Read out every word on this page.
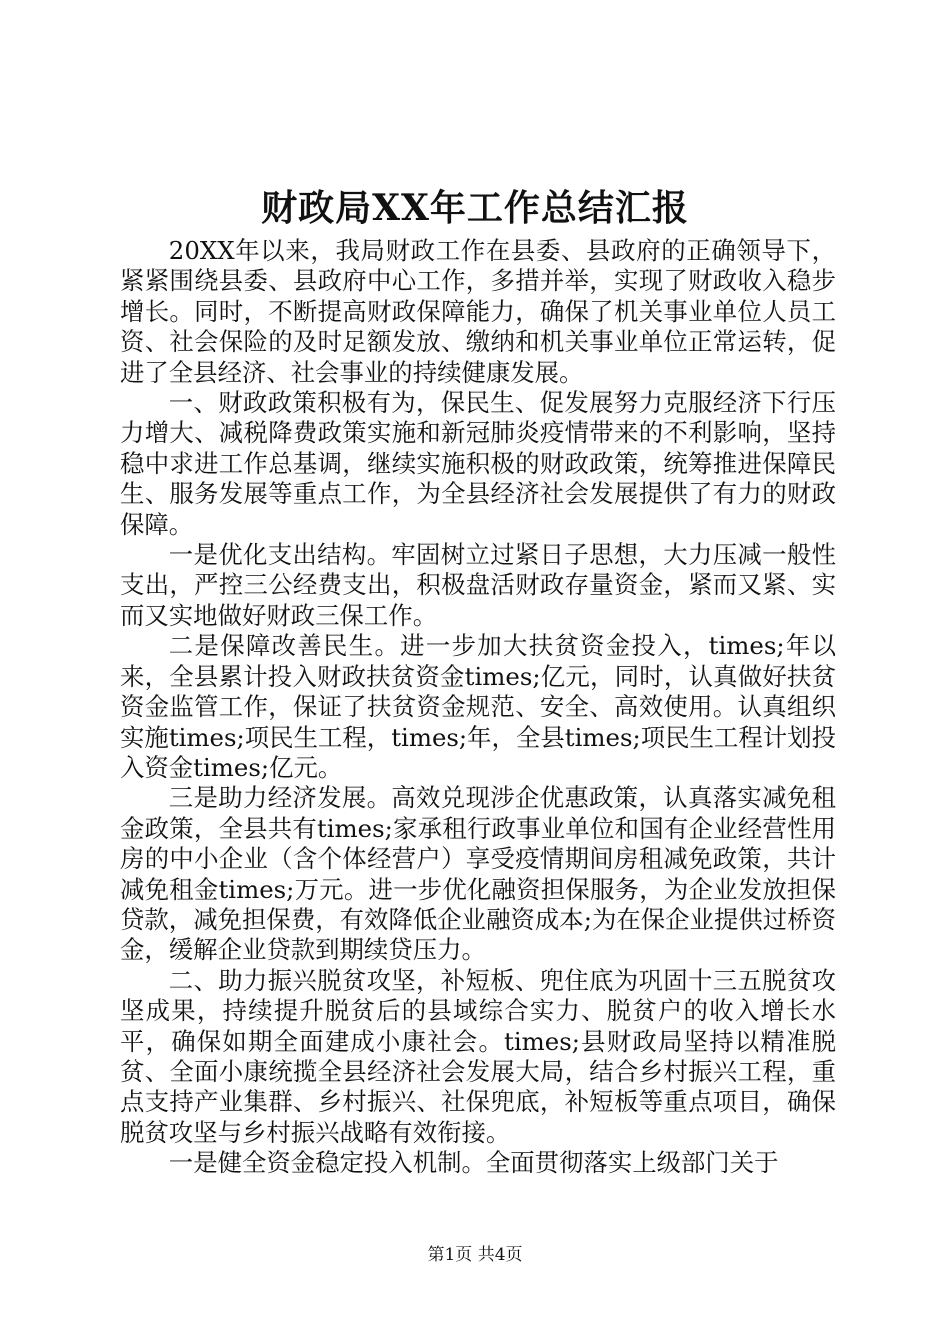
财政局XX年工作总结汇报

20XX年以来，我局财政工作在县委、县政府的正确领导下，紧紧围绕县委、县政府中心工作，多措并举，实现了财政收入稳步增长。同时，不断提高财政保障能力，确保了机关事业单位人员工资、社会保险的及时足额发放、缴纳和机关事业单位正常运转，促进了全县经济、社会事业的持续健康发展。

一、财政政策积极有为，保民生、促发展努力克服经济下行压力增大、减税降费政策实施和新冠肺炎疫情带来的不利影响，坚持稳中求进工作总基调，继续实施积极的财政政策，统筹推进保障民生、服务发展等重点工作，为全县经济社会发展提供了有力的财政保障。

一是优化支出结构。牢固树立过紧日子思想，大力压减一般性支出，严控三公经费支出，积极盘活财政存量资金，紧而又紧、实而又实地做好财政三保工作。

二是保障改善民生。进一步加大扶贫资金投入，times;年以来，全县累计投入财政扶贫资金times;亿元，同时，认真做好扶贫资金监管工作，保证了扶贫资金规范、安全、高效使用。认真组织实施times;项民生工程，times;年，全县times;项民生工程计划投入资金times;亿元。

三是助力经济发展。高效兑现涉企优惠政策，认真落实减免租金政策，全县共有times;家承租行政事业单位和国有企业经营性用房的中小企业（含个体经营户）享受疫情期间房租减免政策，共计减免租金times;万元。进一步优化融资担保服务，为企业发放担保贷款，减免担保费，有效降低企业融资成本;为在保企业提供过桥资金，缓解企业贷款到期续贷压力。

二、助力振兴脱贫攻坚，补短板、兜住底为巩固十三五脱贫攻坚成果，持续提升脱贫后的县域综合实力、脱贫户的收入增长水平，确保如期全面建成小康社会。times;县财政局坚持以精准脱贫、全面小康统揽全县经济社会发展大局，结合乡村振兴工程，重点支持产业集群、乡村振兴、社保兜底，补短板等重点项目，确保脱贫攻坚与乡村振兴战略有效衔接。

一是健全资金稳定投入机制。全面贯彻落实上级部门关于

第1页 共4页
